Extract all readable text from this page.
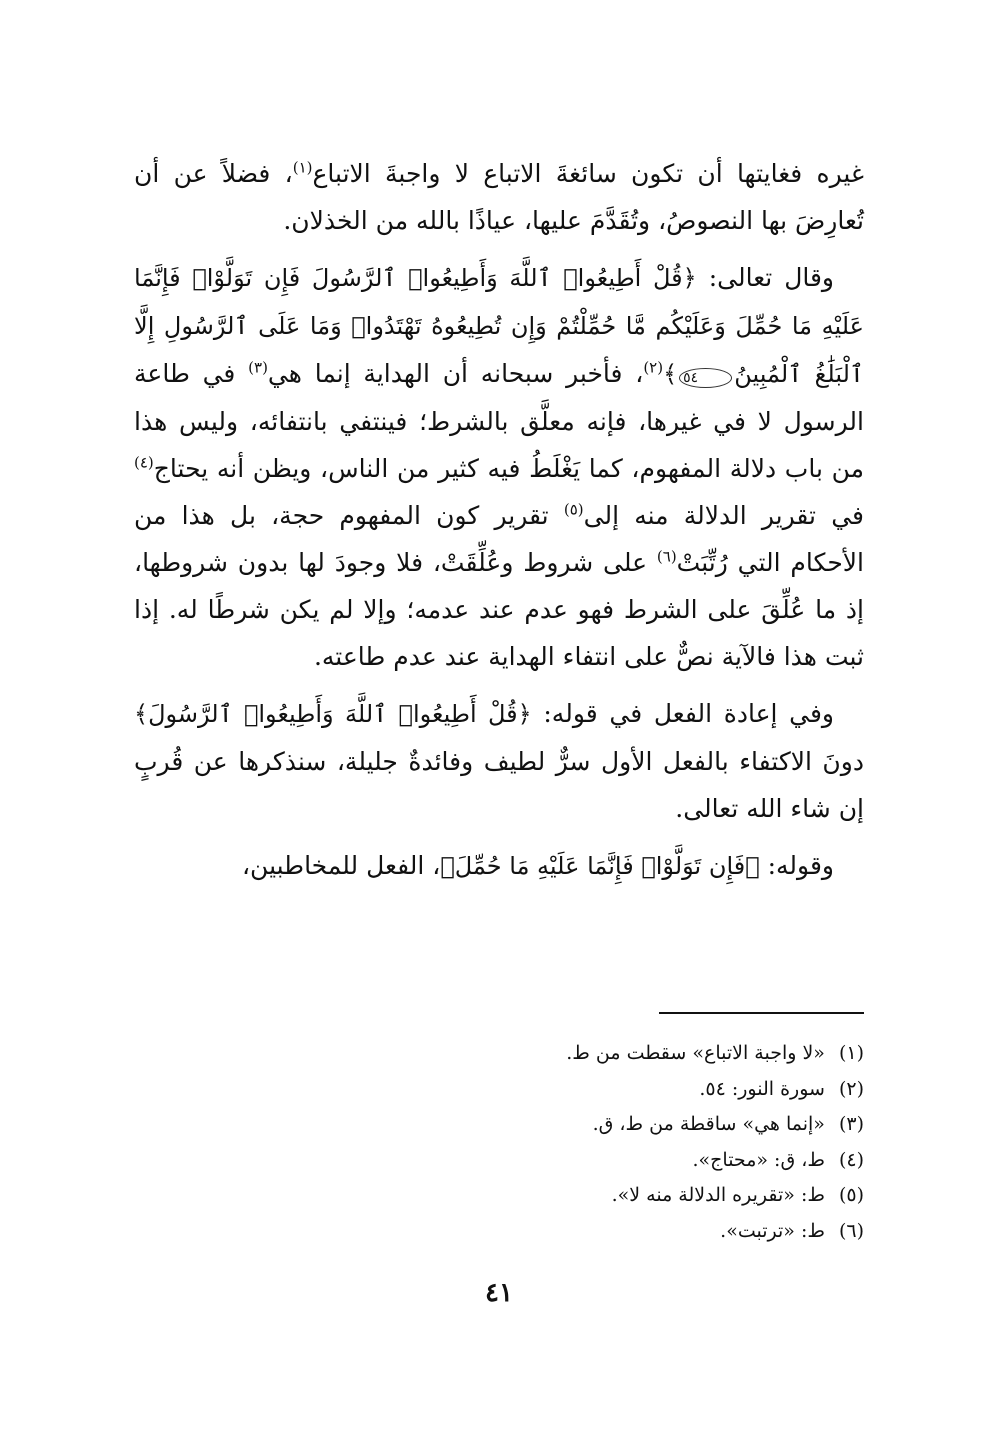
غيره فغايتها أن تكون سائغةَ الاتباع لا واجبةَ الاتباع$^{(١)}$، فضلاً عن أن تُعارِضَ بها النصوصُ، وتُقَدَّمَ عليها، عياذًا بالله من الخذلان.

وقال تعالى: ﴿قُلْ أَطِيعُوا۟ ٱللَّهَ وَأَطِيعُوا۟ ٱلرَّسُولَ فَإِن تَوَلَّوْا۟ فَإِنَّمَا عَلَيْهِ مَا حُمِّلَ وَعَلَيْكُم مَّا حُمِّلْتُمْ وَإِن تُطِيعُوهُ تَهْتَدُوا۟ وَمَا عَلَى ٱلرَّسُولِ إِلَّا ٱلْبَلَٰغُ ٱلْمُبِينُ٥٤﴾$^{(٢)}$، فأخبر سبحانه أن الهداية إنما هي$^{(٣)}$ في طاعة الرسول لا في غيرها، فإنه معلَّق بالشرط؛ فينتفي بانتفائه، وليس هذا من باب دلالة المفهوم، كما يَغْلَطُ فيه كثير من الناس، ويظن أنه يحتاج$^{(٤)}$ في تقرير الدلالة منه إلى$^{(٥)}$ تقرير كون المفهوم حجة، بل هذا من الأحكام التي رُتِّبَتْ$^{(٦)}$ على شروط وعُلِّقَتْ، فلا وجودَ لها بدون شروطها، إذ ما عُلِّقَ على الشرط فهو عدم عند عدمه؛ وإلا لم يكن شرطًا له. إذا ثبت هذا فالآية نصٌّ على انتفاء الهداية عند عدم طاعته.

وفي إعادة الفعل في قوله: ﴿قُلْ أَطِيعُوا۟ ٱللَّهَ وَأَطِيعُوا۟ ٱلرَّسُولَ﴾ دونَ الاكتفاء بالفعل الأول سرٌّ لطيف وفائدةٌ جليلة، سنذكرها عن قُربٍ إن شاء الله تعالى.

وقوله: ﴿فَإِن تَوَلَّوْا۟ فَإِنَّمَا عَلَيْهِ مَا حُمِّلَ﴾، الفعل للمخاطبين،

(١)«لا واجبة الاتباع» سقطت من ط.
(٢)سورة النور: ٥٤.
(٣)«إنما هي» ساقطة من ط، ق.
(٤)ط، ق: «محتاج».
(٥)ط: «تقريره الدلالة منه لا».
(٦)ط: «ترتبت».
٤١
